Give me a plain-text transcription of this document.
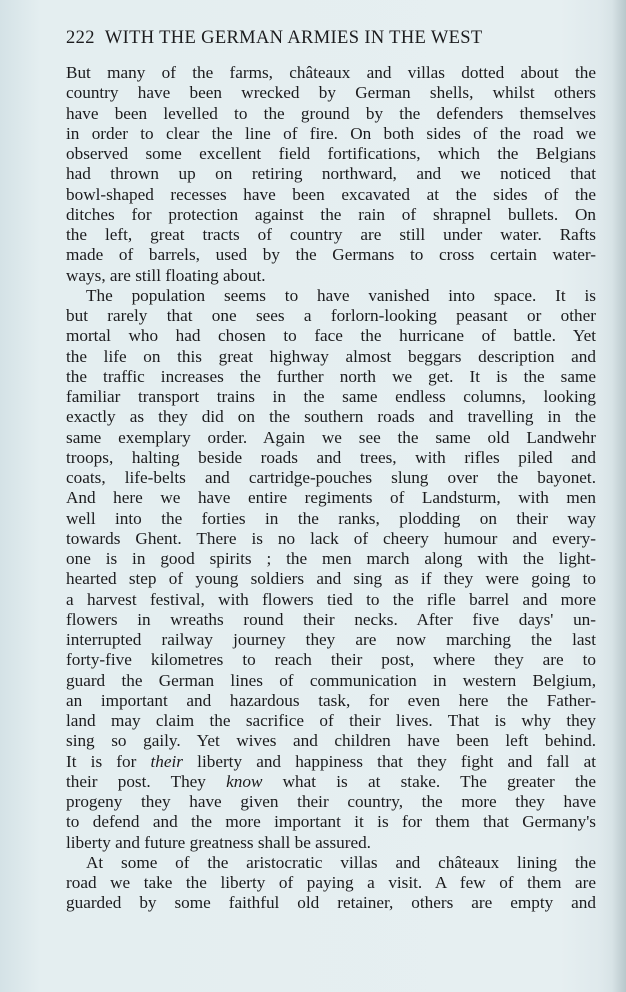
222 WITH THE GERMAN ARMIES IN THE WEST
But many of the farms, châteaux and villas dotted about the
country have been wrecked by German shells, whilst others
have been levelled to the ground by the defenders themselves
in order to clear the line of fire. On both sides of the road we
observed some excellent field fortifications, which the Belgians
had thrown up on retiring northward, and we noticed that
bowl-shaped recesses have been excavated at the sides of the
ditches for protection against the rain of shrapnel bullets. On
the left, great tracts of country are still under water. Rafts
made of barrels, used by the Germans to cross certain water-
ways, are still floating about.
The population seems to have vanished into space. It is
but rarely that one sees a forlorn-looking peasant or other
mortal who had chosen to face the hurricane of battle. Yet
the life on this great highway almost beggars description and
the traffic increases the further north we get. It is the same
familiar transport trains in the same endless columns, looking
exactly as they did on the southern roads and travelling in the
same exemplary order. Again we see the same old Landwehr
troops, halting beside roads and trees, with rifles piled and
coats, life-belts and cartridge-pouches slung over the bayonet.
And here we have entire regiments of Landsturm, with men
well into the forties in the ranks, plodding on their way
towards Ghent. There is no lack of cheery humour and every-
one is in good spirits ; the men march along with the light-
hearted step of young soldiers and sing as if they were going to
a harvest festival, with flowers tied to the rifle barrel and more
flowers in wreaths round their necks. After five days' un-
interrupted railway journey they are now marching the last
forty-five kilometres to reach their post, where they are to
guard the German lines of communication in western Belgium,
an important and hazardous task, for even here the Father-
land may claim the sacrifice of their lives. That is why they
sing so gaily. Yet wives and children have been left behind.
It is for their liberty and happiness that they fight and fall at
their post. They know what is at stake. The greater the
progeny they have given their country, the more they have
to defend and the more important it is for them that Germany's
liberty and future greatness shall be assured.
At some of the aristocratic villas and châteaux lining the
road we take the liberty of paying a visit. A few of them are
guarded by some faithful old retainer, others are empty and
